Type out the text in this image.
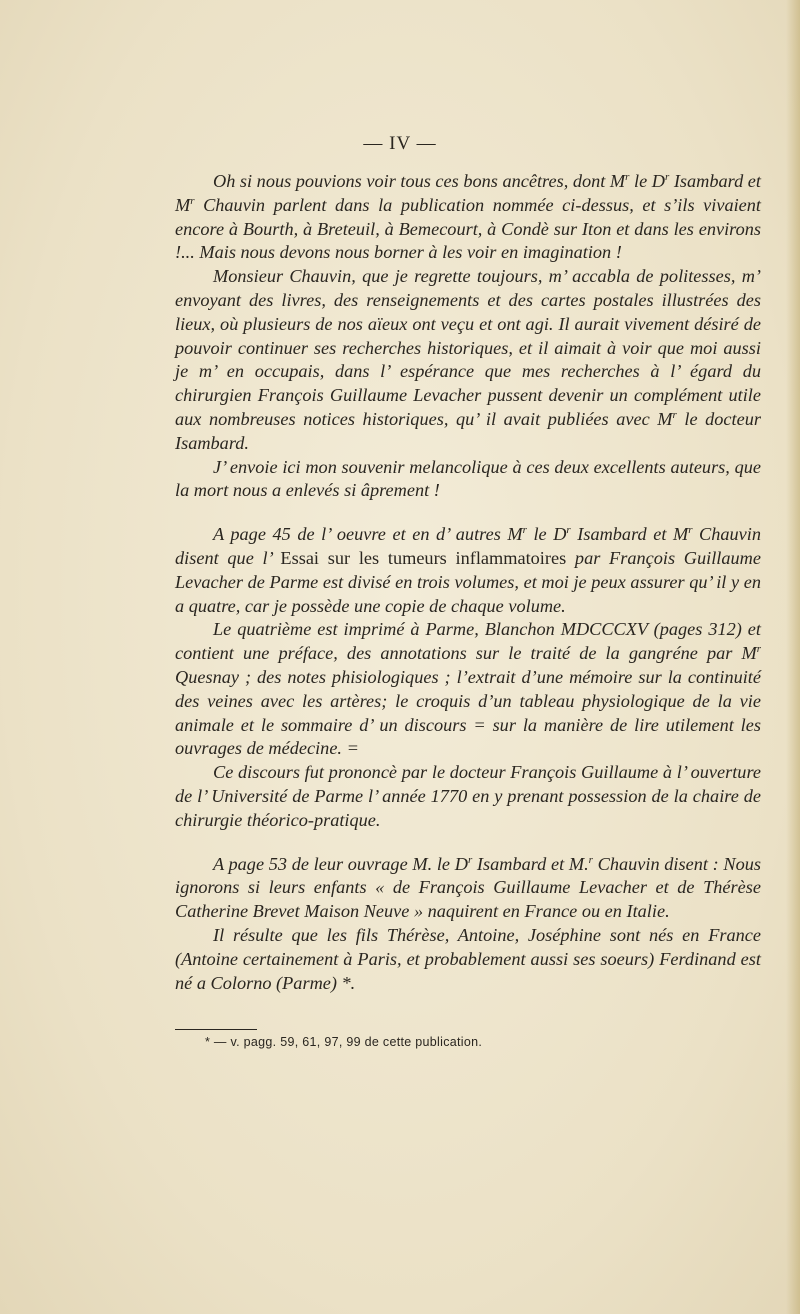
— IV —

Oh si nous pouvions voir tous ces bons ancêtres, dont $M^r$ le $D^r$ Isambard et $M^r$ Chauvin parlent dans la publication nommée ci-dessus, et s’ils vivaient encore à Bourth, à Breteuil, à Bemecourt, à Condè sur Iton et dans les environs !... Mais nous devons nous borner à les voir en imagination !

Monsieur Chauvin, que je regrette toujours, m’ accabla de politesses, m’ envoyant des livres, des renseignements et des cartes postales illustrées des lieux, où plusieurs de nos aïeux ont veçu et ont agi. Il aurait vivement désiré de pouvoir continuer ses recherches historiques, et il aimait à voir que moi aussi je m’ en occupais, dans l’ espérance que mes recherches à l’ égard du chirurgien François Guillaume Levacher pussent devenir un complément utile aux nombreuses notices historiques, qu’ il avait publiées avec $M^r$ le docteur Isambard.

J’ envoie ici mon souvenir melancolique à ces deux excellents auteurs, que la mort nous a enlevés si âprement !

A page 45 de l’ oeuvre et en d’ autres $M^r$ le $D^r$ Isambard et $M^r$ Chauvin disent que l’ Essai sur les tumeurs inflammatoires par François Guillaume Levacher de Parme est divisé en trois volumes, et moi je peux assurer qu’ il y en a quatre, car je possède une copie de chaque volume.

Le quatrième est imprimé à Parme, Blanchon MDCCCXV (pages 312) et contient une préface, des annotations sur le traité de la gangréne par $M^r$ Quesnay ; des notes phisiologiques ; l’extrait d’une mémoire sur la continuité des veines avec les artères; le croquis d’un tableau physiologique de la vie animale et le sommaire d’ un discours = sur la manière de lire utilement les ouvrages de médecine. =

Ce discours fut prononcè par le docteur François Guillaume à l’ ouverture de l’ Université de Parme l’ année 1770 en y prenant possession de la chaire de chirurgie théorico-pratique.

A page 53 de leur ouvrage M. le $D^r$ Isambard et M.$^r$ Chauvin disent : Nous ignorons si leurs enfants « de François Guillaume Levacher et de Thérèse Catherine Brevet Maison Neuve » naquirent en France ou en Italie.

Il résulte que les fils Thérèse, Antoine, Joséphine sont nés en France (Antoine certainement à Paris, et probablement aussi ses soeurs) Ferdinand est né a Colorno (Parme) *.

* — v. pagg. 59, 61, 97, 99 de cette publication.
